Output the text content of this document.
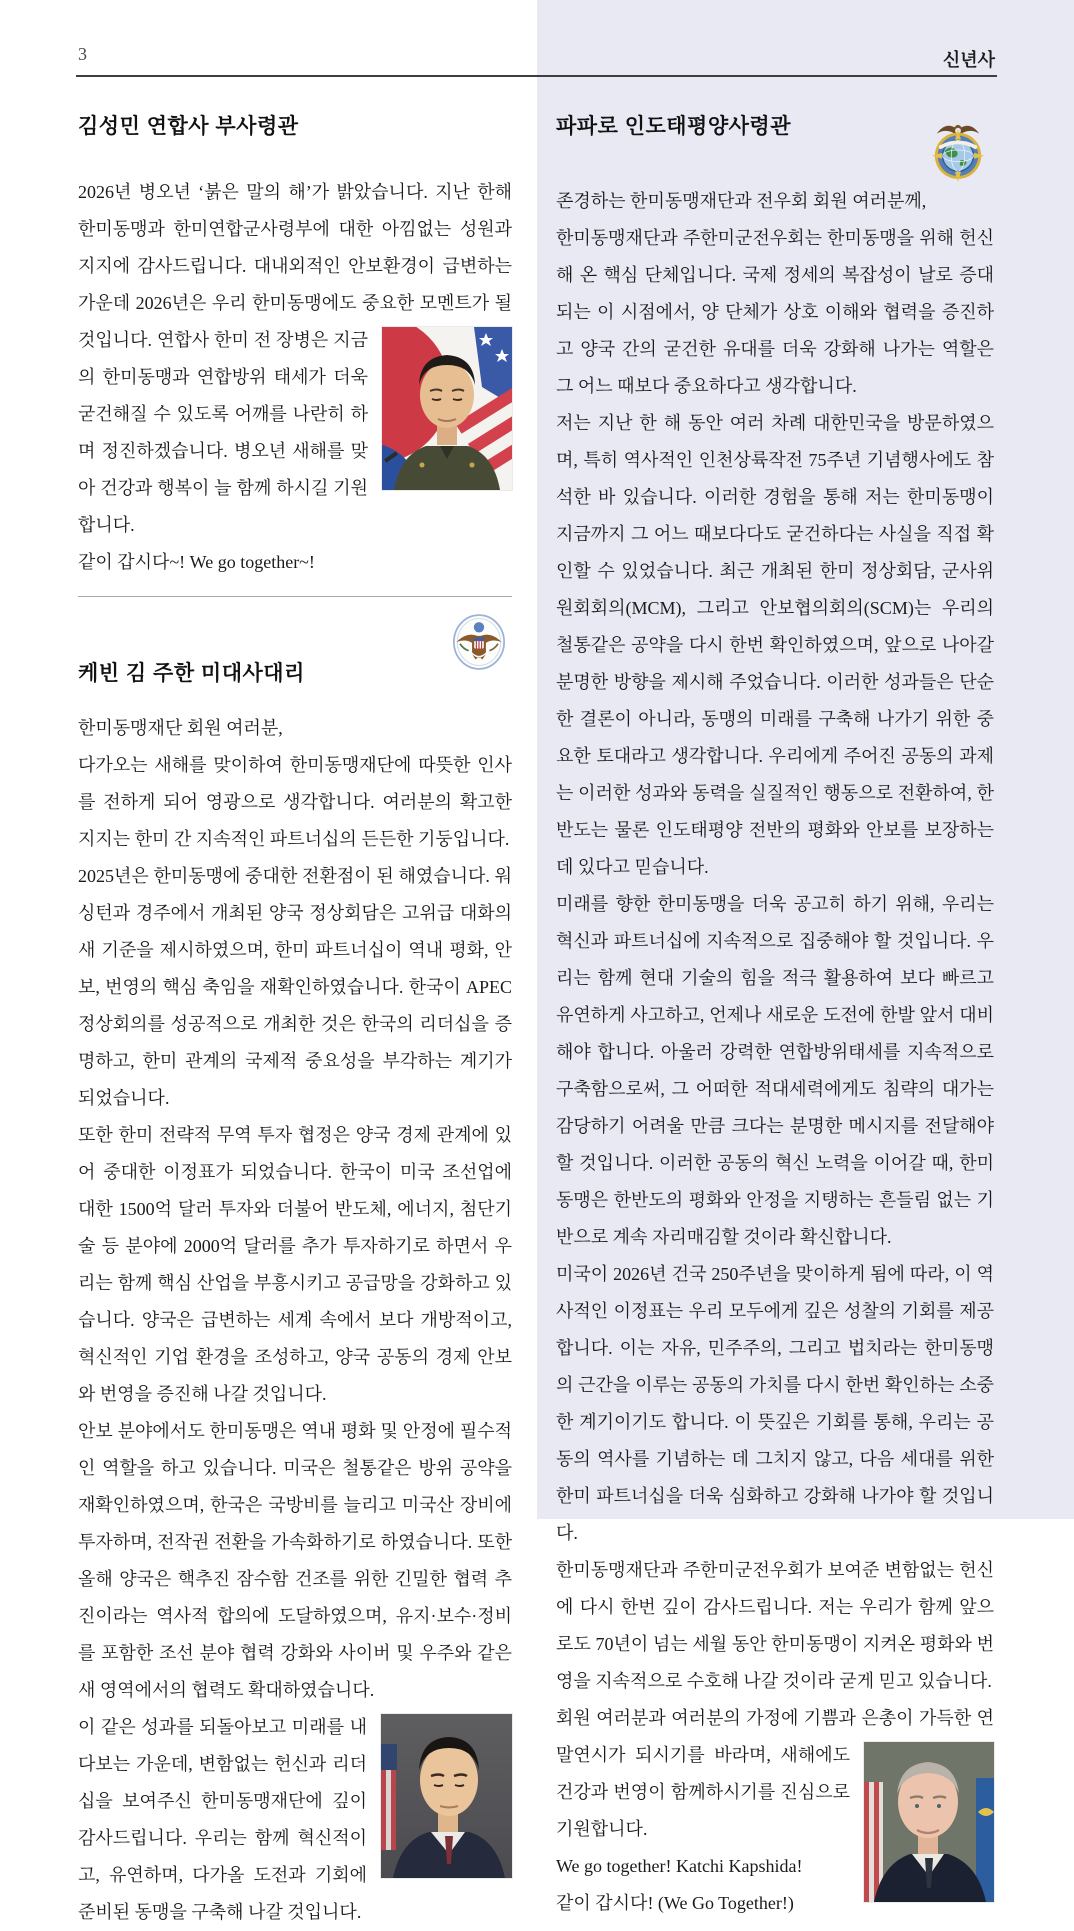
3	신년사
김성민 연합사 부사령관

2026년 병오년 ‘붉은 말의 해’가 밝았습니다. 지난 한해 한미동맹과 한미연합군사령부에 대한 아낌없는 성원과 지지에 감사드립니다. 대내외적인 안보환경이 급변하는 가운데 2026년은 우리 한미동맹에도 중요한 모멘트가 될 것입니다.
연합사 한미 전 장병은 지금의 한미동맹과 연합방위 태세가 더욱 굳건해질 수 있도록 어깨를 나란히 하며 정진하겠습니다. 병오년 새해를 맞아 건강과 행복이 늘 함께 하시길 기원합니다.

같이 갑시다~! We go together~!

케빈 김 주한 미대사대리

한미동맹재단 회원 여러분,

다가오는 새해를 맞이하여 한미동맹재단에 따뜻한 인사를 전하게 되어 영광으로 생각합니다. 여러분의 확고한 지지는 한미 간 지속적인 파트너십의 든든한 기둥입니다.

2025년은 한미동맹에 중대한 전환점이 된 해였습니다. 워싱턴과 경주에서 개최된 양국 정상회담은 고위급 대화의 새 기준을 제시하였으며, 한미 파트너십이 역내 평화, 안보, 번영의 핵심 축임을 재확인하였습니다. 한국이 APEC 정상회의를 성공적으로 개최한 것은 한국의 리더십을 증명하고, 한미 관계의 국제적 중요성을 부각하는 계기가 되었습니다.

또한 한미 전략적 무역 투자 협정은 양국 경제 관계에 있어 중대한 이정표가 되었습니다. 한국이 미국 조선업에 대한 1500억 달러 투자와 더불어 반도체, 에너지, 첨단기술 등 분야에 2000억 달러를 추가 투자하기로 하면서 우리는 함께 핵심 산업을 부흥시키고 공급망을 강화하고 있습니다. 양국은 급변하는 세계 속에서 보다 개방적이고, 혁신적인 기업 환경을 조성하고, 양국 공동의 경제 안보와 번영을 증진해 나갈 것입니다.

안보 분야에서도 한미동맹은 역내 평화 및 안정에 필수적인 역할을 하고 있습니다. 미국은 철통같은 방위 공약을 재확인하였으며, 한국은 국방비를 늘리고 미국산 장비에 투자하며, 전작권 전환을 가속화하기로 하였습니다. 또한 올해 양국은 핵추진 잠수함 건조를 위한 긴밀한 협력 추진이라는 역사적 합의에 도달하였으며, 유지·보수·정비를 포함한 조선 분야 협력 강화와 사이버 및 우주와 같은 새 영역에서의 협력도 확대하였습니다.

이 같은 성과를 되돌아보고 미래를 내다보는 가운데, 변함없는 헌신과 리더십을 보여주신 한미동맹재단에 깊이 감사드립니다. 우리는 함께 혁신적이고, 유연하며, 다가올 도전과 기회에 준비된 동맹을 구축해 나갈 것입니다.

파파로 인도태평양사령관

존경하는 한미동맹재단과 전우회 회원 여러분께,

한미동맹재단과 주한미군전우회는 한미동맹을 위해 헌신해 온 핵심 단체입니다. 국제 정세의 복잡성이 날로 증대되는 이 시점에서, 양 단체가 상호 이해와 협력을 증진하고 양국 간의 굳건한 유대를 더욱 강화해 나가는 역할은 그 어느 때보다 중요하다고 생각합니다.

저는 지난 한 해 동안 여러 차례 대한민국을 방문하였으며, 특히 역사적인 인천상륙작전 75주년 기념행사에도 참석한 바 있습니다. 이러한 경험을 통해 저는 한미동맹이 지금까지 그 어느 때보다다도 굳건하다는 사실을 직접 확인할 수 있었습니다. 최근 개최된 한미 정상회담, 군사위원회회의(MCM), 그리고 안보협의회의(SCM)는 우리의 철통같은 공약을 다시 한번 확인하였으며, 앞으로 나아갈 분명한 방향을 제시해 주었습니다. 이러한 성과들은 단순한 결론이 아니라, 동맹의 미래를 구축해 나가기 위한 중요한 토대라고 생각합니다. 우리에게 주어진 공동의 과제는 이러한 성과와 동력을 실질적인 행동으로 전환하여, 한반도는 물론 인도태평양 전반의 평화와 안보를 보장하는 데 있다고 믿습니다.

미래를 향한 한미동맹을 더욱 공고히 하기 위해, 우리는 혁신과 파트너십에 지속적으로 집중해야 할 것입니다. 우리는 함께 현대 기술의 힘을 적극 활용하여 보다 빠르고 유연하게 사고하고, 언제나 새로운 도전에 한발 앞서 대비해야 합니다. 아울러 강력한 연합방위태세를 지속적으로 구축함으로써, 그 어떠한 적대세력에게도 침략의 대가는 감당하기 어려울 만큼 크다는 분명한 메시지를 전달해야 할 것입니다. 이러한 공동의 혁신 노력을 이어갈 때, 한미동맹은 한반도의 평화와 안정을 지탱하는 흔들림 없는 기반으로 계속 자리매김할 것이라 확신합니다.

미국이 2026년 건국 250주년을 맞이하게 됨에 따라, 이 역사적인 이정표는 우리 모두에게 깊은 성찰의 기회를 제공합니다. 이는 자유, 민주주의, 그리고 법치라는 한미동맹의 근간을 이루는 공동의 가치를 다시 한번 확인하는 소중한 계기이기도 합니다. 이 뜻깊은 기회를 통해, 우리는 공동의 역사를 기념하는 데 그치지 않고, 다음 세대를 위한 한미 파트너십을 더욱 심화하고 강화해 나가야 할 것입니다.

한미동맹재단과 주한미군전우회가 보여준 변함없는 헌신에 다시 한번 깊이 감사드립니다. 저는 우리가 함께 앞으로도 70년이 넘는 세월 동안 한미동맹이 지켜온 평화와 번영을 지속적으로 수호해 나갈 것이라 굳게 믿고 있습니다.

회원 여러분과 여러분의 가정에 기쁨과 은총이 가득한 연말연시가 되시기를 바라며,
새해에도 건강과 번영이 함께하시기를 진심으로 기원합니다.

We go together! Katchi Kapshida!

같이 갑시다! (We Go Together!)
